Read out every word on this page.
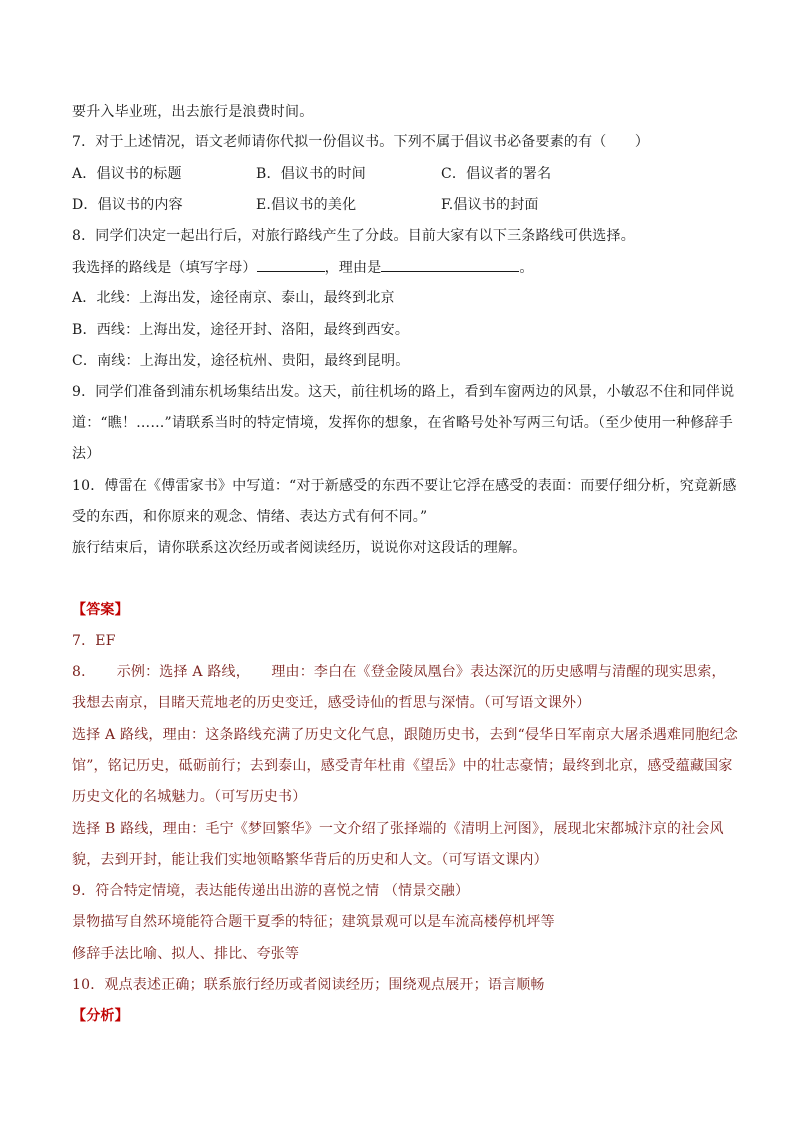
要升入毕业班，出去旅行是浪费时间。
7．对于上述情况，语文老师请你代拟一份倡议书。下列不属于倡议书必备要素的有（　　）
A．倡议书的标题	B．倡议书的时间	C．倡议者的署名
D．倡议书的内容	E.倡议书的美化	F.倡议书的封面
8．同学们决定一起出行后，对旅行路线产生了分歧。目前大家有以下三条路线可供选择。
我选择的路线是（填写字母）	，理由是	。
A．北线：上海出发，途径南京、泰山，最终到北京
B．西线：上海出发，途径开封、洛阳，最终到西安。
C．南线：上海出发，途径杭州、贵阳，最终到昆明。
9．同学们准备到浦东机场集结出发。这天，前往机场的路上，看到车窗两边的风景，小敏忍不住和同伴说
道：“瞧！……”请联系当时的特定情境，发挥你的想象，在省略号处补写两三句话。（至少使用一种修辞手
法）
10．傅雷在《傅雷家书》中写道：“对于新感受的东西不要让它浮在感受的表面：而要仔细分析，究竟新感
受的东西，和你原来的观念、情绪、表达方式有何不同。”
旅行结束后，请你联系这次经历或者阅读经历，说说你对这段话的理解。
【答案】
7．EF
8．　　示例：选择 A 路线，　　理由：李白在《登金陵凤凰台》表达深沉的历史感喟与清醒的现实思索，
我想去南京，目睹天荒地老的历史变迁，感受诗仙的哲思与深情。（可写语文课外）
选择 A 路线，理由：这条路线充满了历史文化气息，跟随历史书，去到“侵华日军南京大屠杀遇难同胞纪念
馆”，铭记历史，砥砺前行；去到泰山，感受青年杜甫《望岳》中的壮志豪情；最终到北京，感受蕴藏国家
历史文化的名城魅力。（可写历史书）
选择 B 路线，理由：毛宁《梦回繁华》一文介绍了张择端的《清明上河图》，展现北宋都城汴京的社会风
貌，去到开封，能让我们实地领略繁华背后的历史和人文。（可写语文课内）
9．符合特定情境，表达能传递出出游的喜悦之情 （情景交融）
景物描写自然环境能符合题干夏季的特征；建筑景观可以是车流高楼停机坪等
修辞手法比喻、拟人、排比、夸张等
10．观点表述正确；联系旅行经历或者阅读经历；围绕观点展开；语言顺畅
【分析】
